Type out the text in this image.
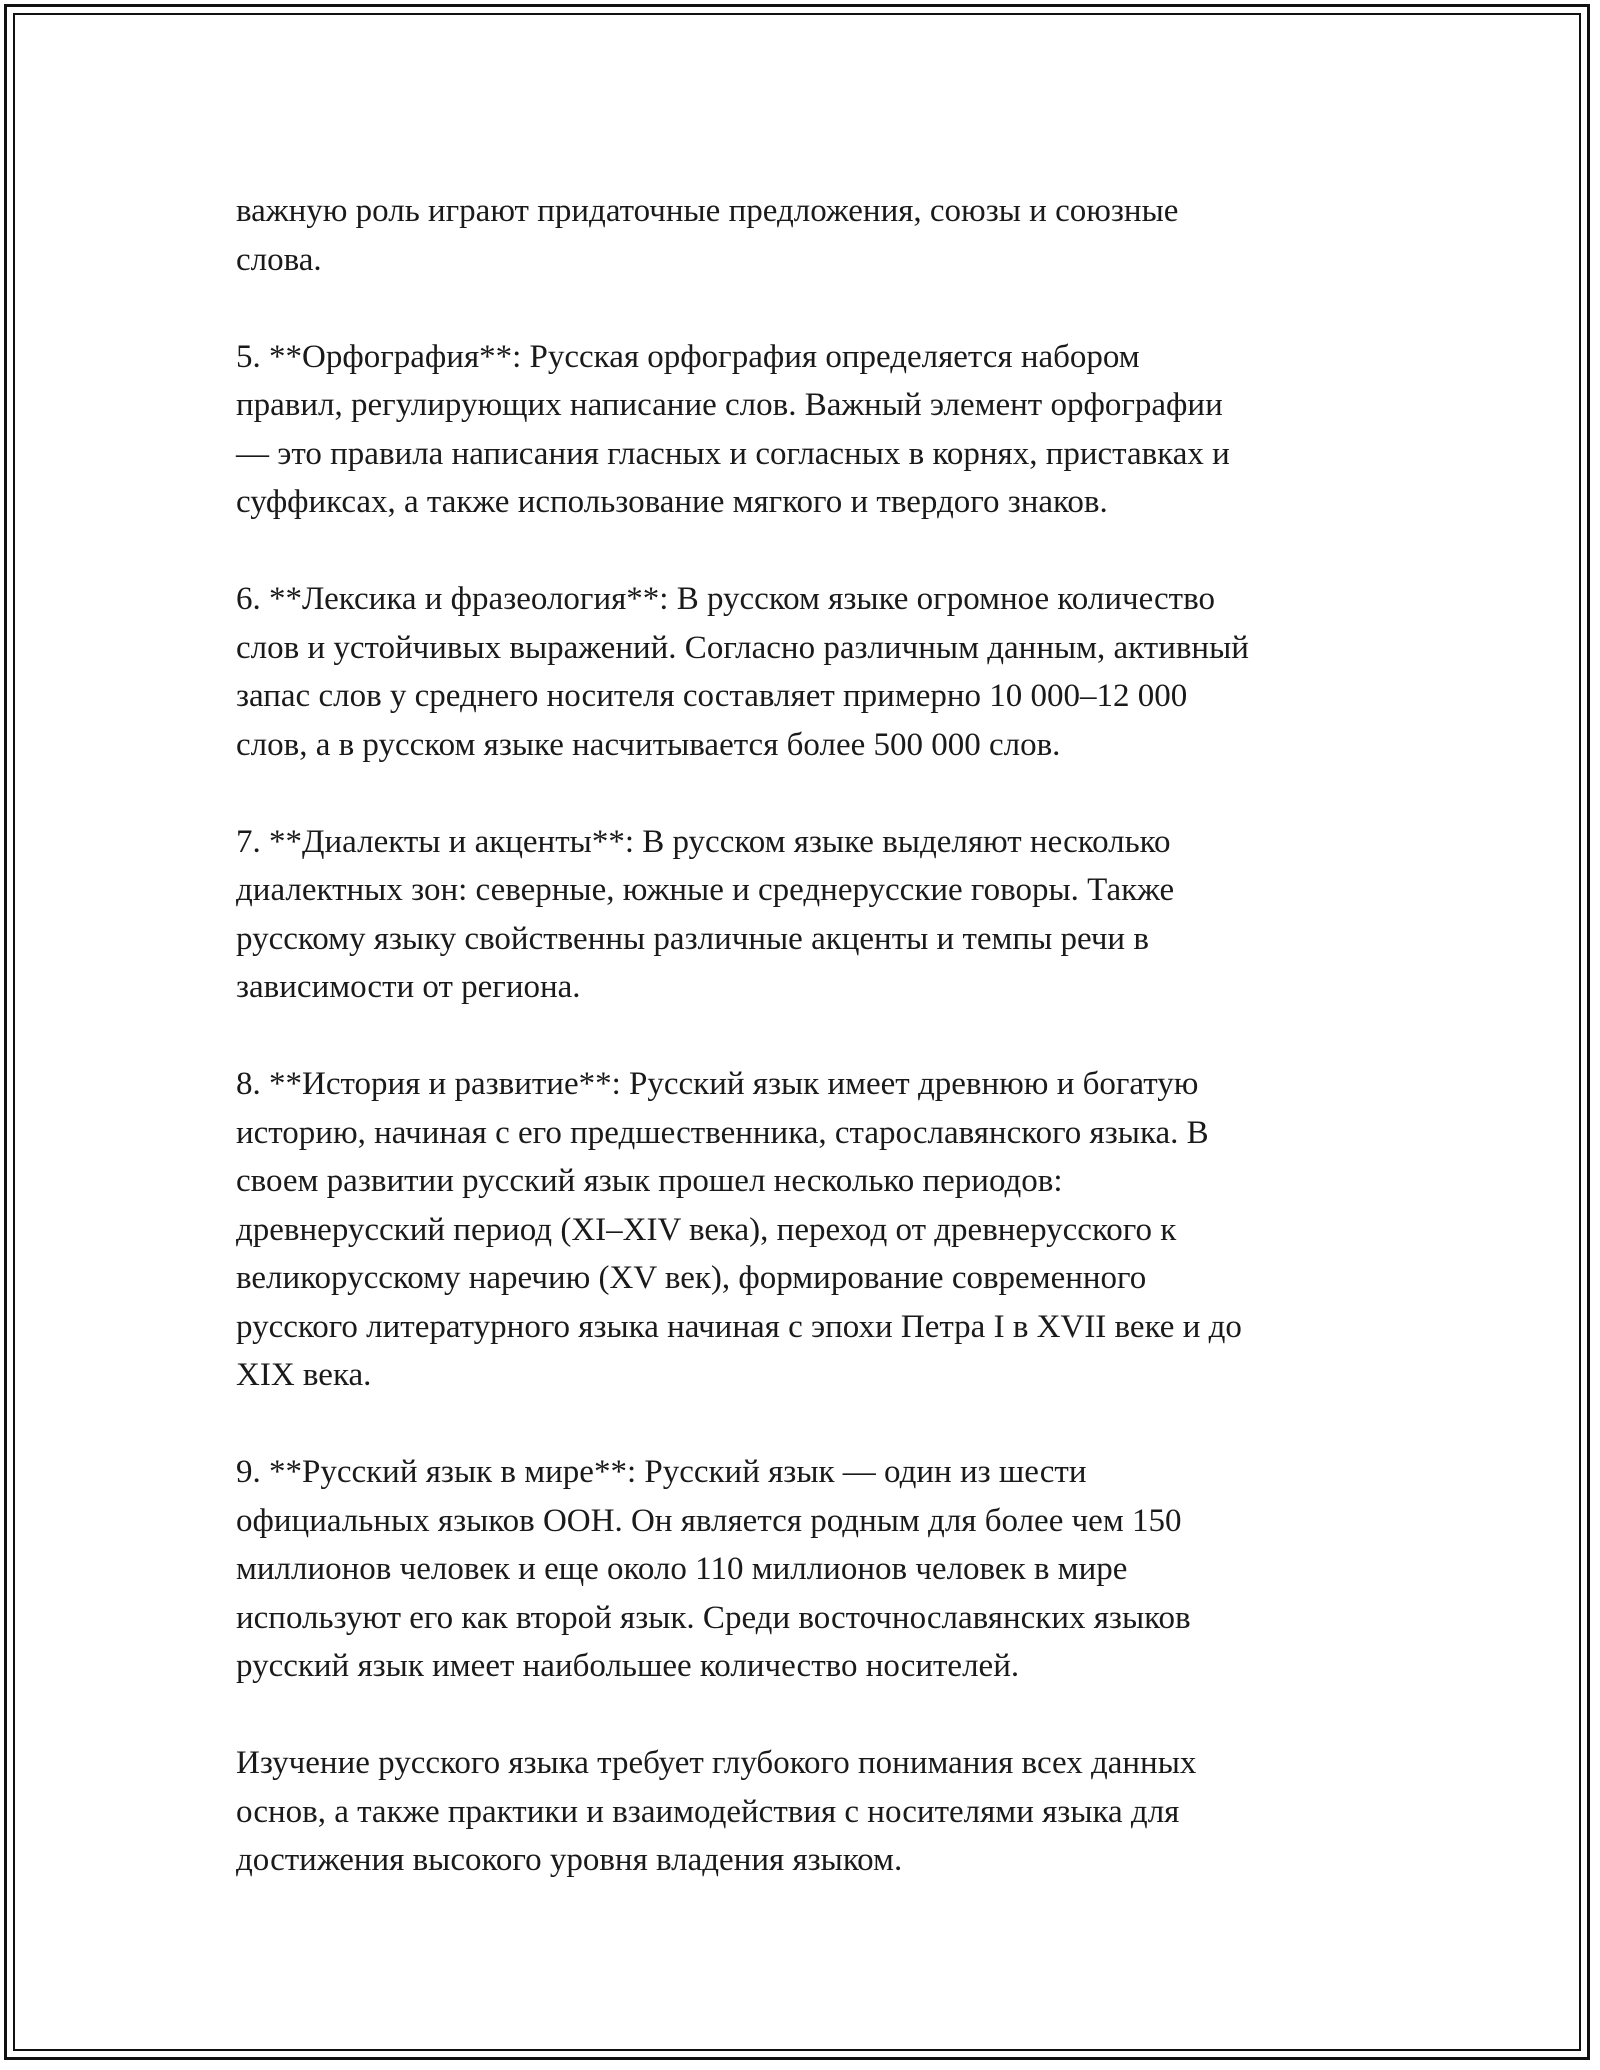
важную роль играют придаточные предложения, союзы и союзные
слова.

5. **Орфография**: Русская орфография определяется набором
правил, регулирующих написание слов. Важный элемент орфографии
— это правила написания гласных и согласных в корнях, приставках и
суффиксах, а также использование мягкого и твердого знаков.

6. **Лексика и фразеология**: В русском языке огромное количество
слов и устойчивых выражений. Согласно различным данным, активный
запас слов у среднего носителя составляет примерно 10 000–12 000
слов, а в русском языке насчитывается более 500 000 слов.

7. **Диалекты и акценты**: В русском языке выделяют несколько
диалектных зон: северные, южные и среднерусские говоры. Также
русскому языку свойственны различные акценты и темпы речи в
зависимости от региона.

8. **История и развитие**: Русский язык имеет древнюю и богатую
историю, начиная с его предшественника, старославянского языка. В
своем развитии русский язык прошел несколько периодов:
древнерусский период (XI–XIV века), переход от древнерусского к
великорусскому наречию (XV век), формирование современного
русского литературного языка начиная с эпохи Петра I в XVII веке и до
XIX века.

9. **Русский язык в мире**: Русский язык — один из шести
официальных языков ООН. Он является родным для более чем 150
миллионов человек и еще около 110 миллионов человек в мире
используют его как второй язык. Среди восточнославянских языков
русский язык имеет наибольшее количество носителей.

Изучение русского языка требует глубокого понимания всех данных
основ, а также практики и взаимодействия с носителями языка для
достижения высокого уровня владения языком.
